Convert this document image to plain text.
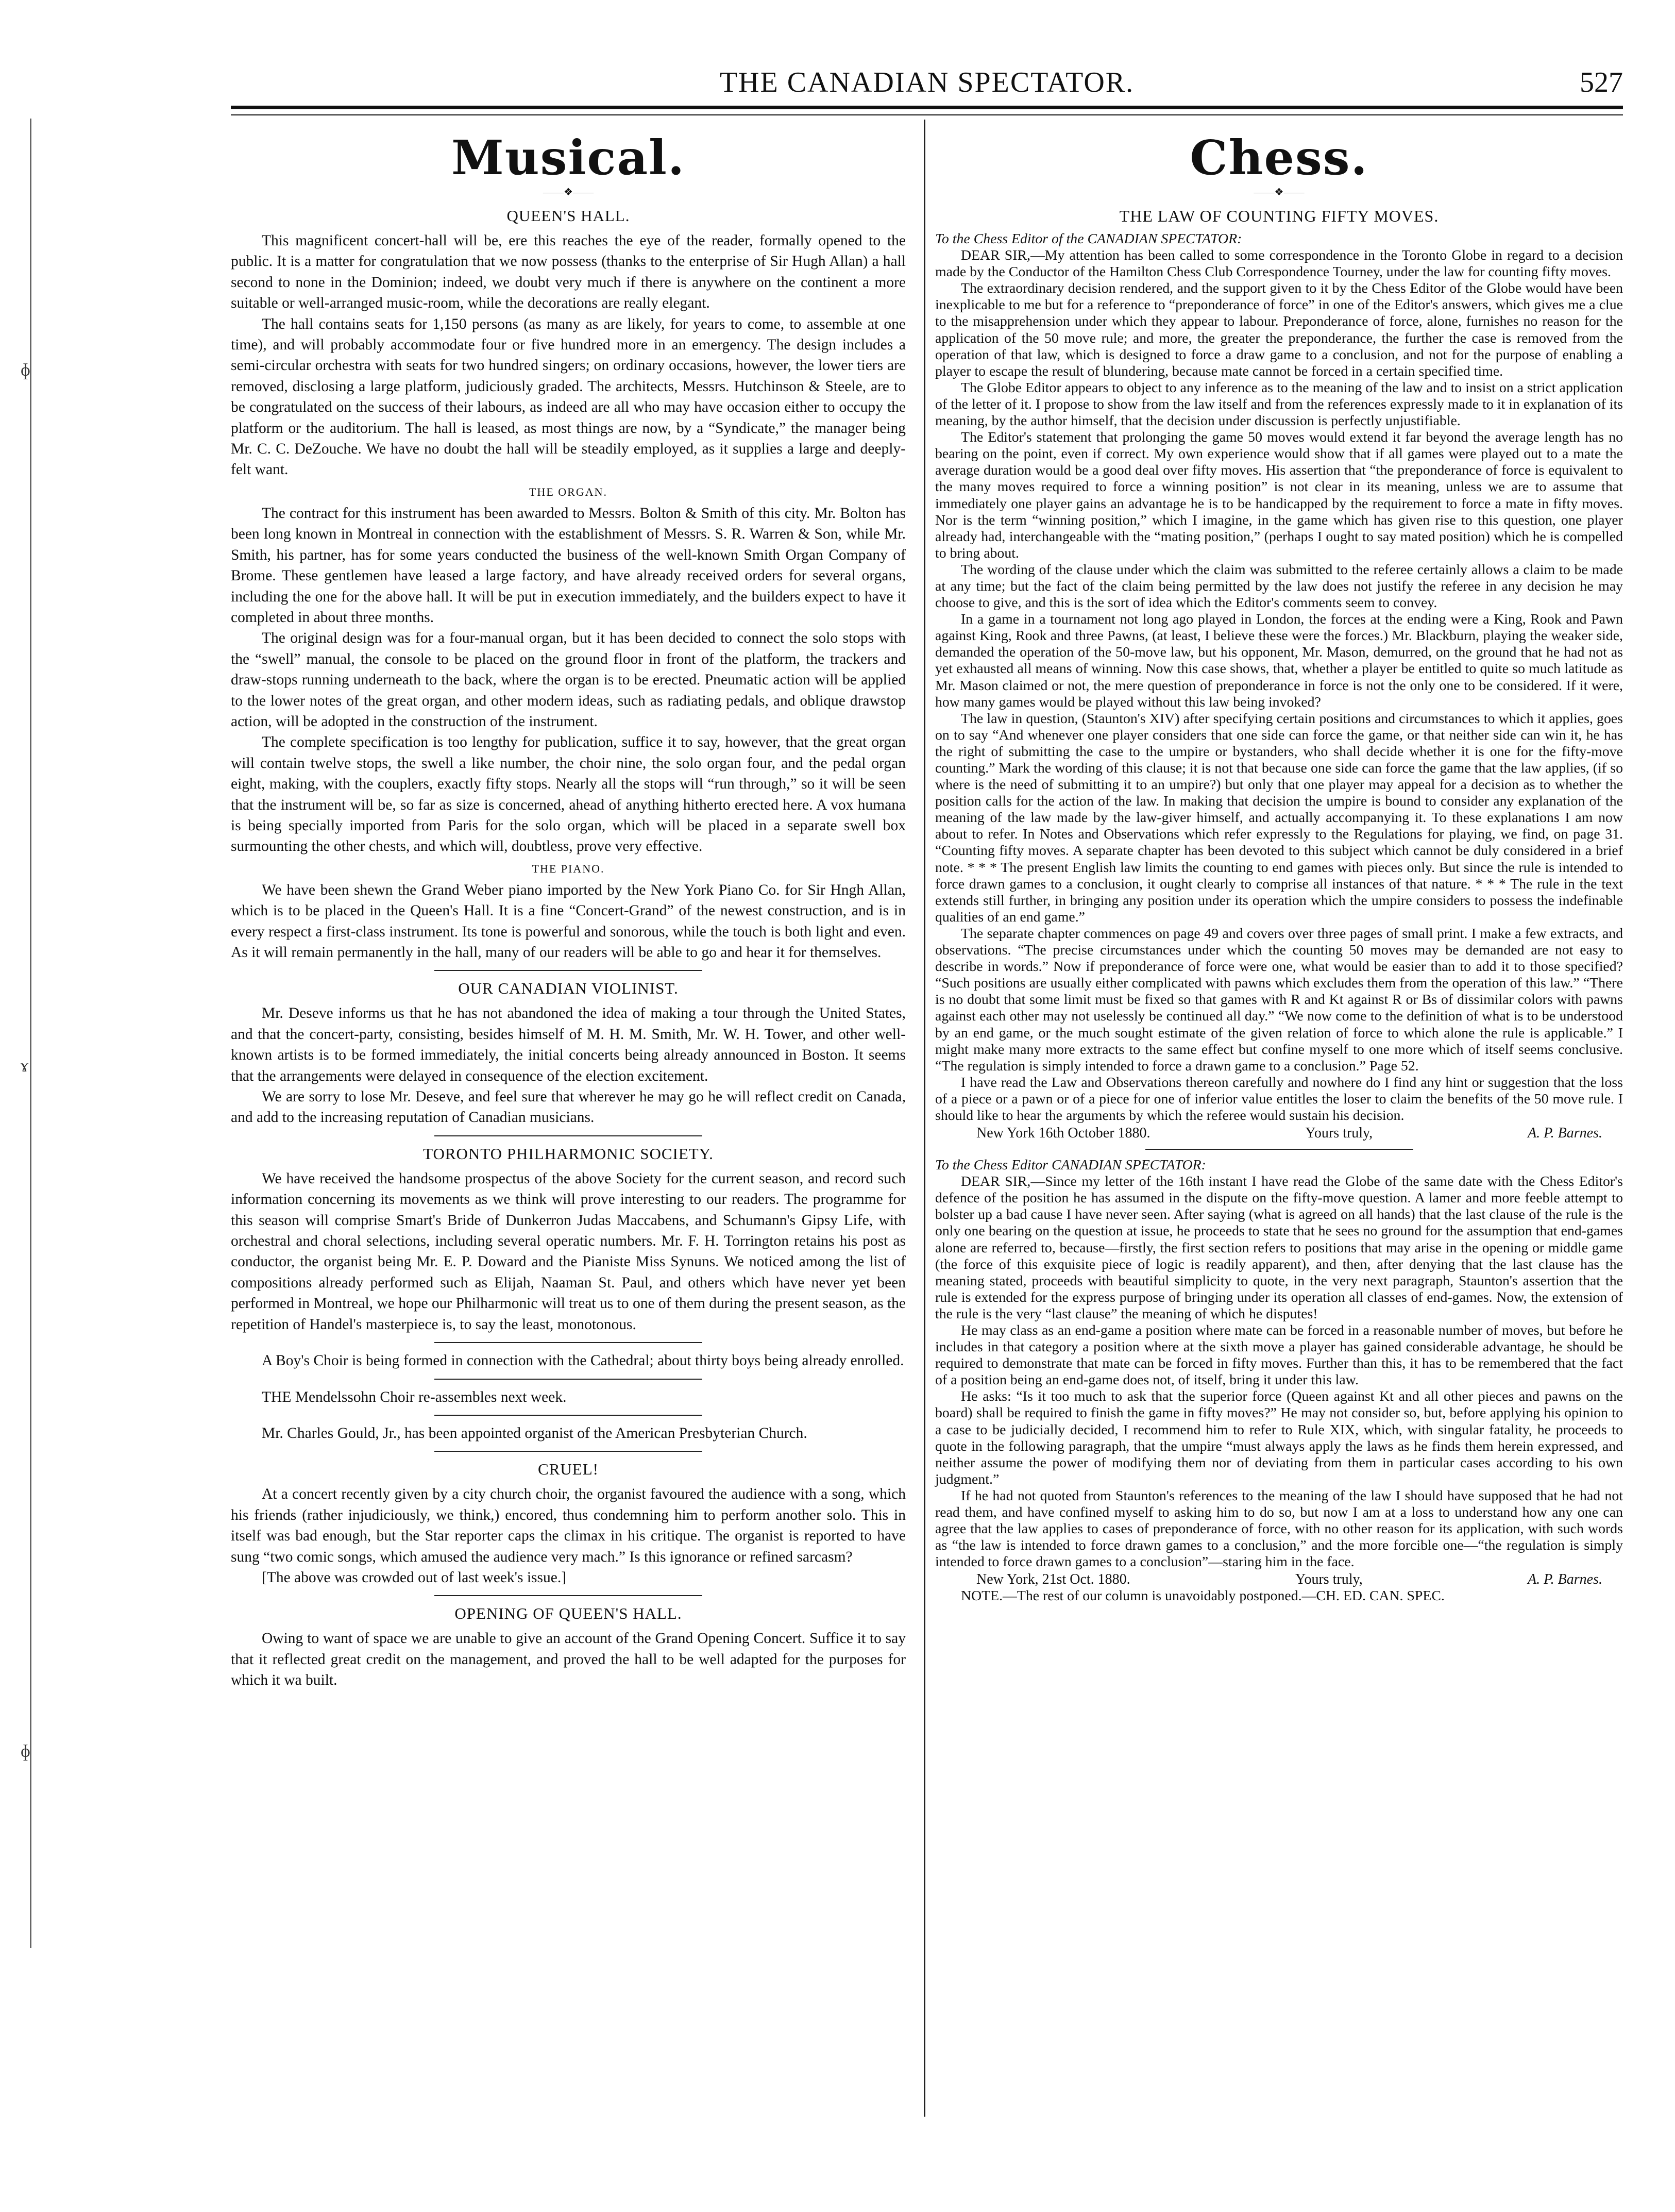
ɸ
ɤ
ɸ
THE CANADIAN SPECTATOR.	527
Musical.
——❖——
QUEEN'S HALL.

This magnificent concert-hall will be, ere this reaches the eye of the reader, formally opened to the public. It is a matter for congratulation that we now possess (thanks to the enterprise of Sir Hugh Allan) a hall second to none in the Dominion; indeed, we doubt very much if there is anywhere on the continent a more suitable or well-arranged music-room, while the decorations are really elegant.

The hall contains seats for 1,150 persons (as many as are likely, for years to come, to assemble at one time), and will probably accommodate four or five hundred more in an emergency. The design includes a semi-circular orchestra with seats for two hundred singers; on ordinary occasions, however, the lower tiers are removed, disclosing a large platform, judiciously graded. The architects, Messrs. Hutchinson & Steele, are to be congratulated on the success of their labours, as indeed are all who may have occasion either to occupy the platform or the auditorium. The hall is leased, as most things are now, by a “Syndicate,” the manager being Mr. C. C. DeZouche. We have no doubt the hall will be steadily employed, as it supplies a large and deeply-felt want.

THE ORGAN.

The contract for this instrument has been awarded to Messrs. Bolton & Smith of this city. Mr. Bolton has been long known in Montreal in connection with the establishment of Messrs. S. R. Warren & Son, while Mr. Smith, his partner, has for some years conducted the business of the well-known Smith Organ Company of Brome. These gentlemen have leased a large factory, and have already received orders for several organs, including the one for the above hall. It will be put in execution immediately, and the builders expect to have it completed in about three months.

The original design was for a four-manual organ, but it has been decided to connect the solo stops with the “swell” manual, the console to be placed on the ground floor in front of the platform, the trackers and draw-stops running underneath to the back, where the organ is to be erected. Pneumatic action will be applied to the lower notes of the great organ, and other modern ideas, such as radiating pedals, and oblique drawstop action, will be adopted in the construction of the instrument.

The complete specification is too lengthy for publication, suffice it to say, however, that the great organ will contain twelve stops, the swell a like number, the choir nine, the solo organ four, and the pedal organ eight, making, with the couplers, exactly fifty stops. Nearly all the stops will “run through,” so it will be seen that the instrument will be, so far as size is concerned, ahead of anything hitherto erected here. A vox humana is being specially imported from Paris for the solo organ, which will be placed in a separate swell box surmounting the other chests, and which will, doubtless, prove very effective.

THE PIANO.

We have been shewn the Grand Weber piano imported by the New York Piano Co. for Sir Hngh Allan, which is to be placed in the Queen's Hall. It is a fine “Concert-Grand” of the newest construction, and is in every respect a first-class instrument. Its tone is powerful and sonorous, while the touch is both light and even. As it will remain permanently in the hall, many of our readers will be able to go and hear it for themselves.

OUR CANADIAN VIOLINIST.

Mr. Deseve informs us that he has not abandoned the idea of making a tour through the United States, and that the concert-party, consisting, besides himself of M. H. M. Smith, Mr. W. H. Tower, and other well-known artists is to be formed immediately, the initial concerts being already announced in Boston. It seems that the arrangements were delayed in consequence of the election excitement.

We are sorry to lose Mr. Deseve, and feel sure that wherever he may go he will reflect credit on Canada, and add to the increasing reputation of Canadian musicians.

TORONTO PHILHARMONIC SOCIETY.

We have received the handsome prospectus of the above Society for the current season, and record such information concerning its movements as we think will prove interesting to our readers. The programme for this season will comprise Smart's Bride of Dunkerron Judas Maccabens, and Schumann's Gipsy Life, with orchestral and choral selections, including several operatic numbers. Mr. F. H. Torrington retains his post as conductor, the organist being Mr. E. P. Doward and the Pianiste Miss Synuns. We noticed among the list of compositions already performed such as Elijah, Naaman St. Paul, and others which have never yet been performed in Montreal, we hope our Philharmonic will treat us to one of them during the present season, as the repetition of Handel's masterpiece is, to say the least, monotonous.

A Boy's Choir is being formed in connection with the Cathedral; about thirty boys being already enrolled.

THE Mendelssohn Choir re-assembles next week.

Mr. Charles Gould, Jr., has been appointed organist of the American Presbyterian Church.

CRUEL!

At a concert recently given by a city church choir, the organist favoured the audience with a song, which his friends (rather injudiciously, we think,) encored, thus condemning him to perform another solo. This in itself was bad enough, but the Star reporter caps the climax in his critique. The organist is reported to have sung “two comic songs, which amused the audience very mach.” Is this ignorance or refined sarcasm?

[The above was crowded out of last week's issue.]

OPENING OF QUEEN'S HALL.

Owing to want of space we are unable to give an account of the Grand Opening Concert. Suffice it to say that it reflected great credit on the management, and proved the hall to be well adapted for the purposes for which it wa built.

Chess.
——❖——
THE LAW OF COUNTING FIFTY MOVES.

To the Chess Editor of the CANADIAN SPECTATOR:

DEAR SIR,—My attention has been called to some correspondence in the Toronto Globe in regard to a decision made by the Conductor of the Hamilton Chess Club Correspondence Tourney, under the law for counting fifty moves.

The extraordinary decision rendered, and the support given to it by the Chess Editor of the Globe would have been inexplicable to me but for a reference to “preponderance of force” in one of the Editor's answers, which gives me a clue to the misapprehension under which they appear to labour. Preponderance of force, alone, furnishes no reason for the application of the 50 move rule; and more, the greater the preponderance, the further the case is removed from the operation of that law, which is designed to force a draw game to a conclusion, and not for the purpose of enabling a player to escape the result of blundering, because mate cannot be forced in a certain specified time.

The Globe Editor appears to object to any inference as to the meaning of the law and to insist on a strict application of the letter of it. I propose to show from the law itself and from the references expressly made to it in explanation of its meaning, by the author himself, that the decision under discussion is perfectly unjustifiable.

The Editor's statement that prolonging the game 50 moves would extend it far beyond the average length has no bearing on the point, even if correct. My own experience would show that if all games were played out to a mate the average duration would be a good deal over fifty moves. His assertion that “the preponderance of force is equivalent to the many moves required to force a winning position” is not clear in its meaning, unless we are to assume that immediately one player gains an advantage he is to be handicapped by the requirement to force a mate in fifty moves. Nor is the term “winning position,” which I imagine, in the game which has given rise to this question, one player already had, interchangeable with the “mating position,” (perhaps I ought to say mated position) which he is compelled to bring about.

The wording of the clause under which the claim was submitted to the referee certainly allows a claim to be made at any time; but the fact of the claim being permitted by the law does not justify the referee in any decision he may choose to give, and this is the sort of idea which the Editor's comments seem to convey.

In a game in a tournament not long ago played in London, the forces at the ending were a King, Rook and Pawn against King, Rook and three Pawns, (at least, I believe these were the forces.) Mr. Blackburn, playing the weaker side, demanded the operation of the 50-move law, but his opponent, Mr. Mason, demurred, on the ground that he had not as yet exhausted all means of winning. Now this case shows, that, whether a player be entitled to quite so much latitude as Mr. Mason claimed or not, the mere question of preponderance in force is not the only one to be considered. If it were, how many games would be played without this law being invoked?

The law in question, (Staunton's XIV) after specifying certain positions and circumstances to which it applies, goes on to say “And whenever one player considers that one side can force the game, or that neither side can win it, he has the right of submitting the case to the umpire or bystanders, who shall decide whether it is one for the fifty-move counting.” Mark the wording of this clause; it is not that because one side can force the game that the law applies, (if so where is the need of submitting it to an umpire?) but only that one player may appeal for a decision as to whether the position calls for the action of the law. In making that decision the umpire is bound to consider any explanation of the meaning of the law made by the law-giver himself, and actually accompanying it. To these explanations I am now about to refer. In Notes and Observations which refer expressly to the Regulations for playing, we find, on page 31. “Counting fifty moves. A separate chapter has been devoted to this subject which cannot be duly considered in a brief note. * * * The present English law limits the counting to end games with pieces only. But since the rule is intended to force drawn games to a conclusion, it ought clearly to comprise all instances of that nature. * * * The rule in the text extends still further, in bringing any position under its operation which the umpire considers to possess the indefinable qualities of an end game.”

The separate chapter commences on page 49 and covers over three pages of small print. I make a few extracts, and observations. “The precise circumstances under which the counting 50 moves may be demanded are not easy to describe in words.” Now if preponderance of force were one, what would be easier than to add it to those specified? “Such positions are usually either complicated with pawns which excludes them from the operation of this law.” “There is no doubt that some limit must be fixed so that games with R and Kt against R or Bs of dissimilar colors with pawns against each other may not uselessly be continued all day.” “We now come to the definition of what is to be understood by an end game, or the much sought estimate of the given relation of force to which alone the rule is applicable.” I might make many more extracts to the same effect but confine myself to one more which of itself seems conclusive. “The regulation is simply intended to force a drawn game to a conclusion.” Page 52.

I have read the Law and Observations thereon carefully and nowhere do I find any hint or suggestion that the loss of a piece or a pawn or of a piece for one of inferior value entitles the loser to claim the benefits of the 50 move rule. I should like to hear the arguments by which the referee would sustain his decision.

New York 16th October 1880.	Yours truly,	A. P. Barnes.

To the Chess Editor CANADIAN SPECTATOR:

DEAR SIR,—Since my letter of the 16th instant I have read the Globe of the same date with the Chess Editor's defence of the position he has assumed in the dispute on the fifty-move question. A lamer and more feeble attempt to bolster up a bad cause I have never seen. After saying (what is agreed on all hands) that the last clause of the rule is the only one bearing on the question at issue, he proceeds to state that he sees no ground for the assumption that end-games alone are referred to, because—firstly, the first section refers to positions that may arise in the opening or middle game (the force of this exquisite piece of logic is readily apparent), and then, after denying that the last clause has the meaning stated, proceeds with beautiful simplicity to quote, in the very next paragraph, Staunton's assertion that the rule is extended for the express purpose of bringing under its operation all classes of end-games. Now, the extension of the rule is the very “last clause” the meaning of which he disputes!

He may class as an end-game a position where mate can be forced in a reasonable number of moves, but before he includes in that category a position where at the sixth move a player has gained considerable advantage, he should be required to demonstrate that mate can be forced in fifty moves. Further than this, it has to be remembered that the fact of a position being an end-game does not, of itself, bring it under this law.

He asks: “Is it too much to ask that the superior force (Queen against Kt and all other pieces and pawns on the board) shall be required to finish the game in fifty moves?” He may not consider so, but, before applying his opinion to a case to be judicially decided, I recommend him to refer to Rule XIX, which, with singular fatality, he proceeds to quote in the following paragraph, that the umpire “must always apply the laws as he finds them herein expressed, and neither assume the power of modifying them nor of deviating from them in particular cases according to his own judgment.”

If he had not quoted from Staunton's references to the meaning of the law I should have supposed that he had not read them, and have confined myself to asking him to do so, but now I am at a loss to understand how any one can agree that the law applies to cases of preponderance of force, with no other reason for its application, with such words as “the law is intended to force drawn games to a conclusion,” and the more forcible one—“the regulation is simply intended to force drawn games to a conclusion”—staring him in the face.

New York, 21st Oct. 1880.	Yours truly,	A. P. Barnes.

NOTE.—The rest of our column is unavoidably postponed.—CH. ED. CAN. SPEC.
